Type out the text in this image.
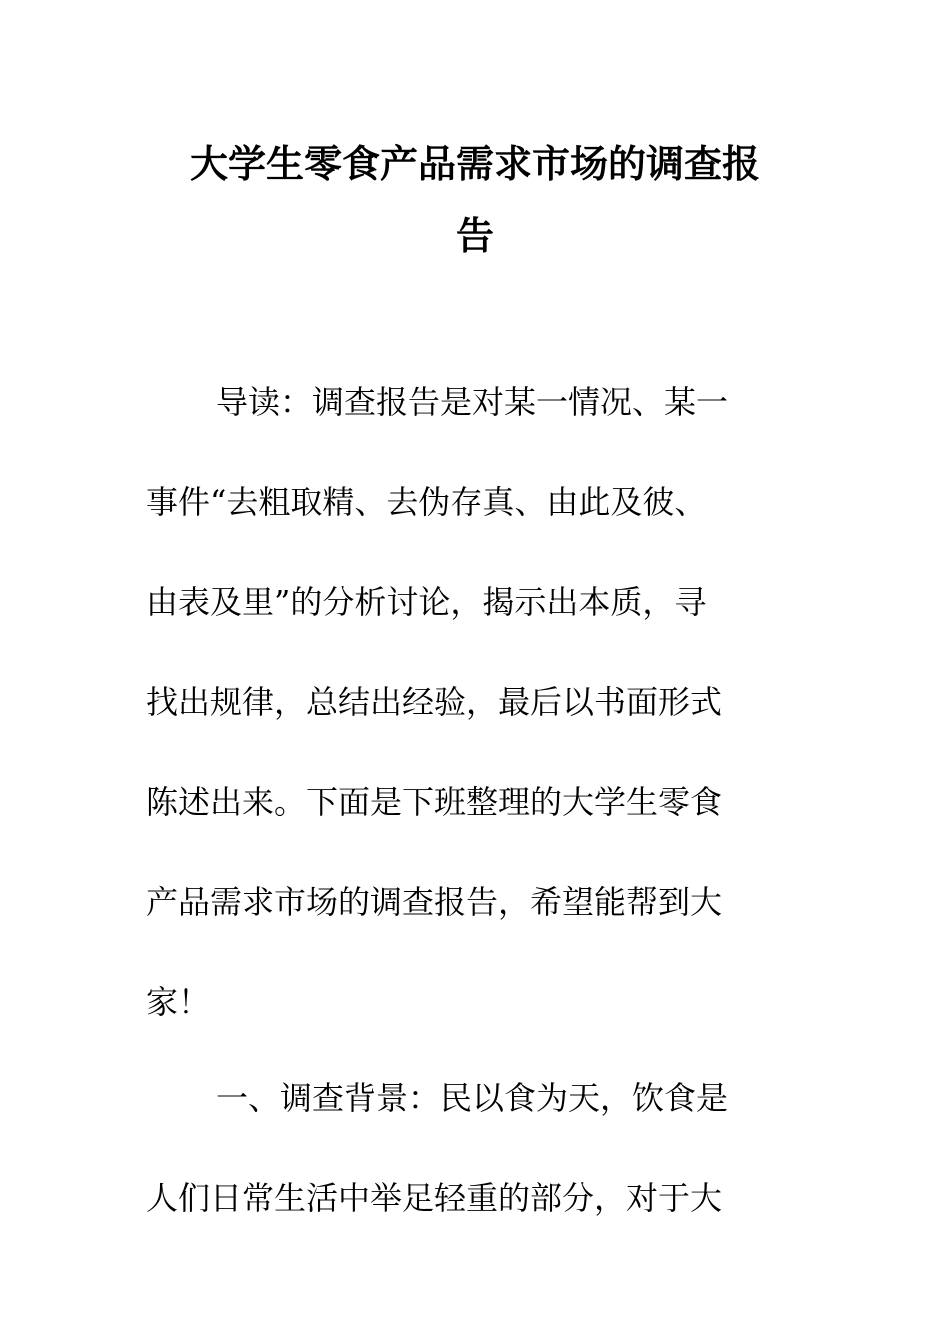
大学生零食产品需求市场的调查报
告

导读：调查报告是对某一情况、某一
事件“去粗取精、去伪存真、由此及彼、
由表及里”的分析讨论，揭示出本质，寻
找出规律，总结出经验，最后以书面形式
陈述出来。下面是下班整理的大学生零食
产品需求市场的调查报告，希望能帮到大
家！

一、调查背景：民以食为天，饮食是
人们日常生活中举足轻重的部分，对于大
